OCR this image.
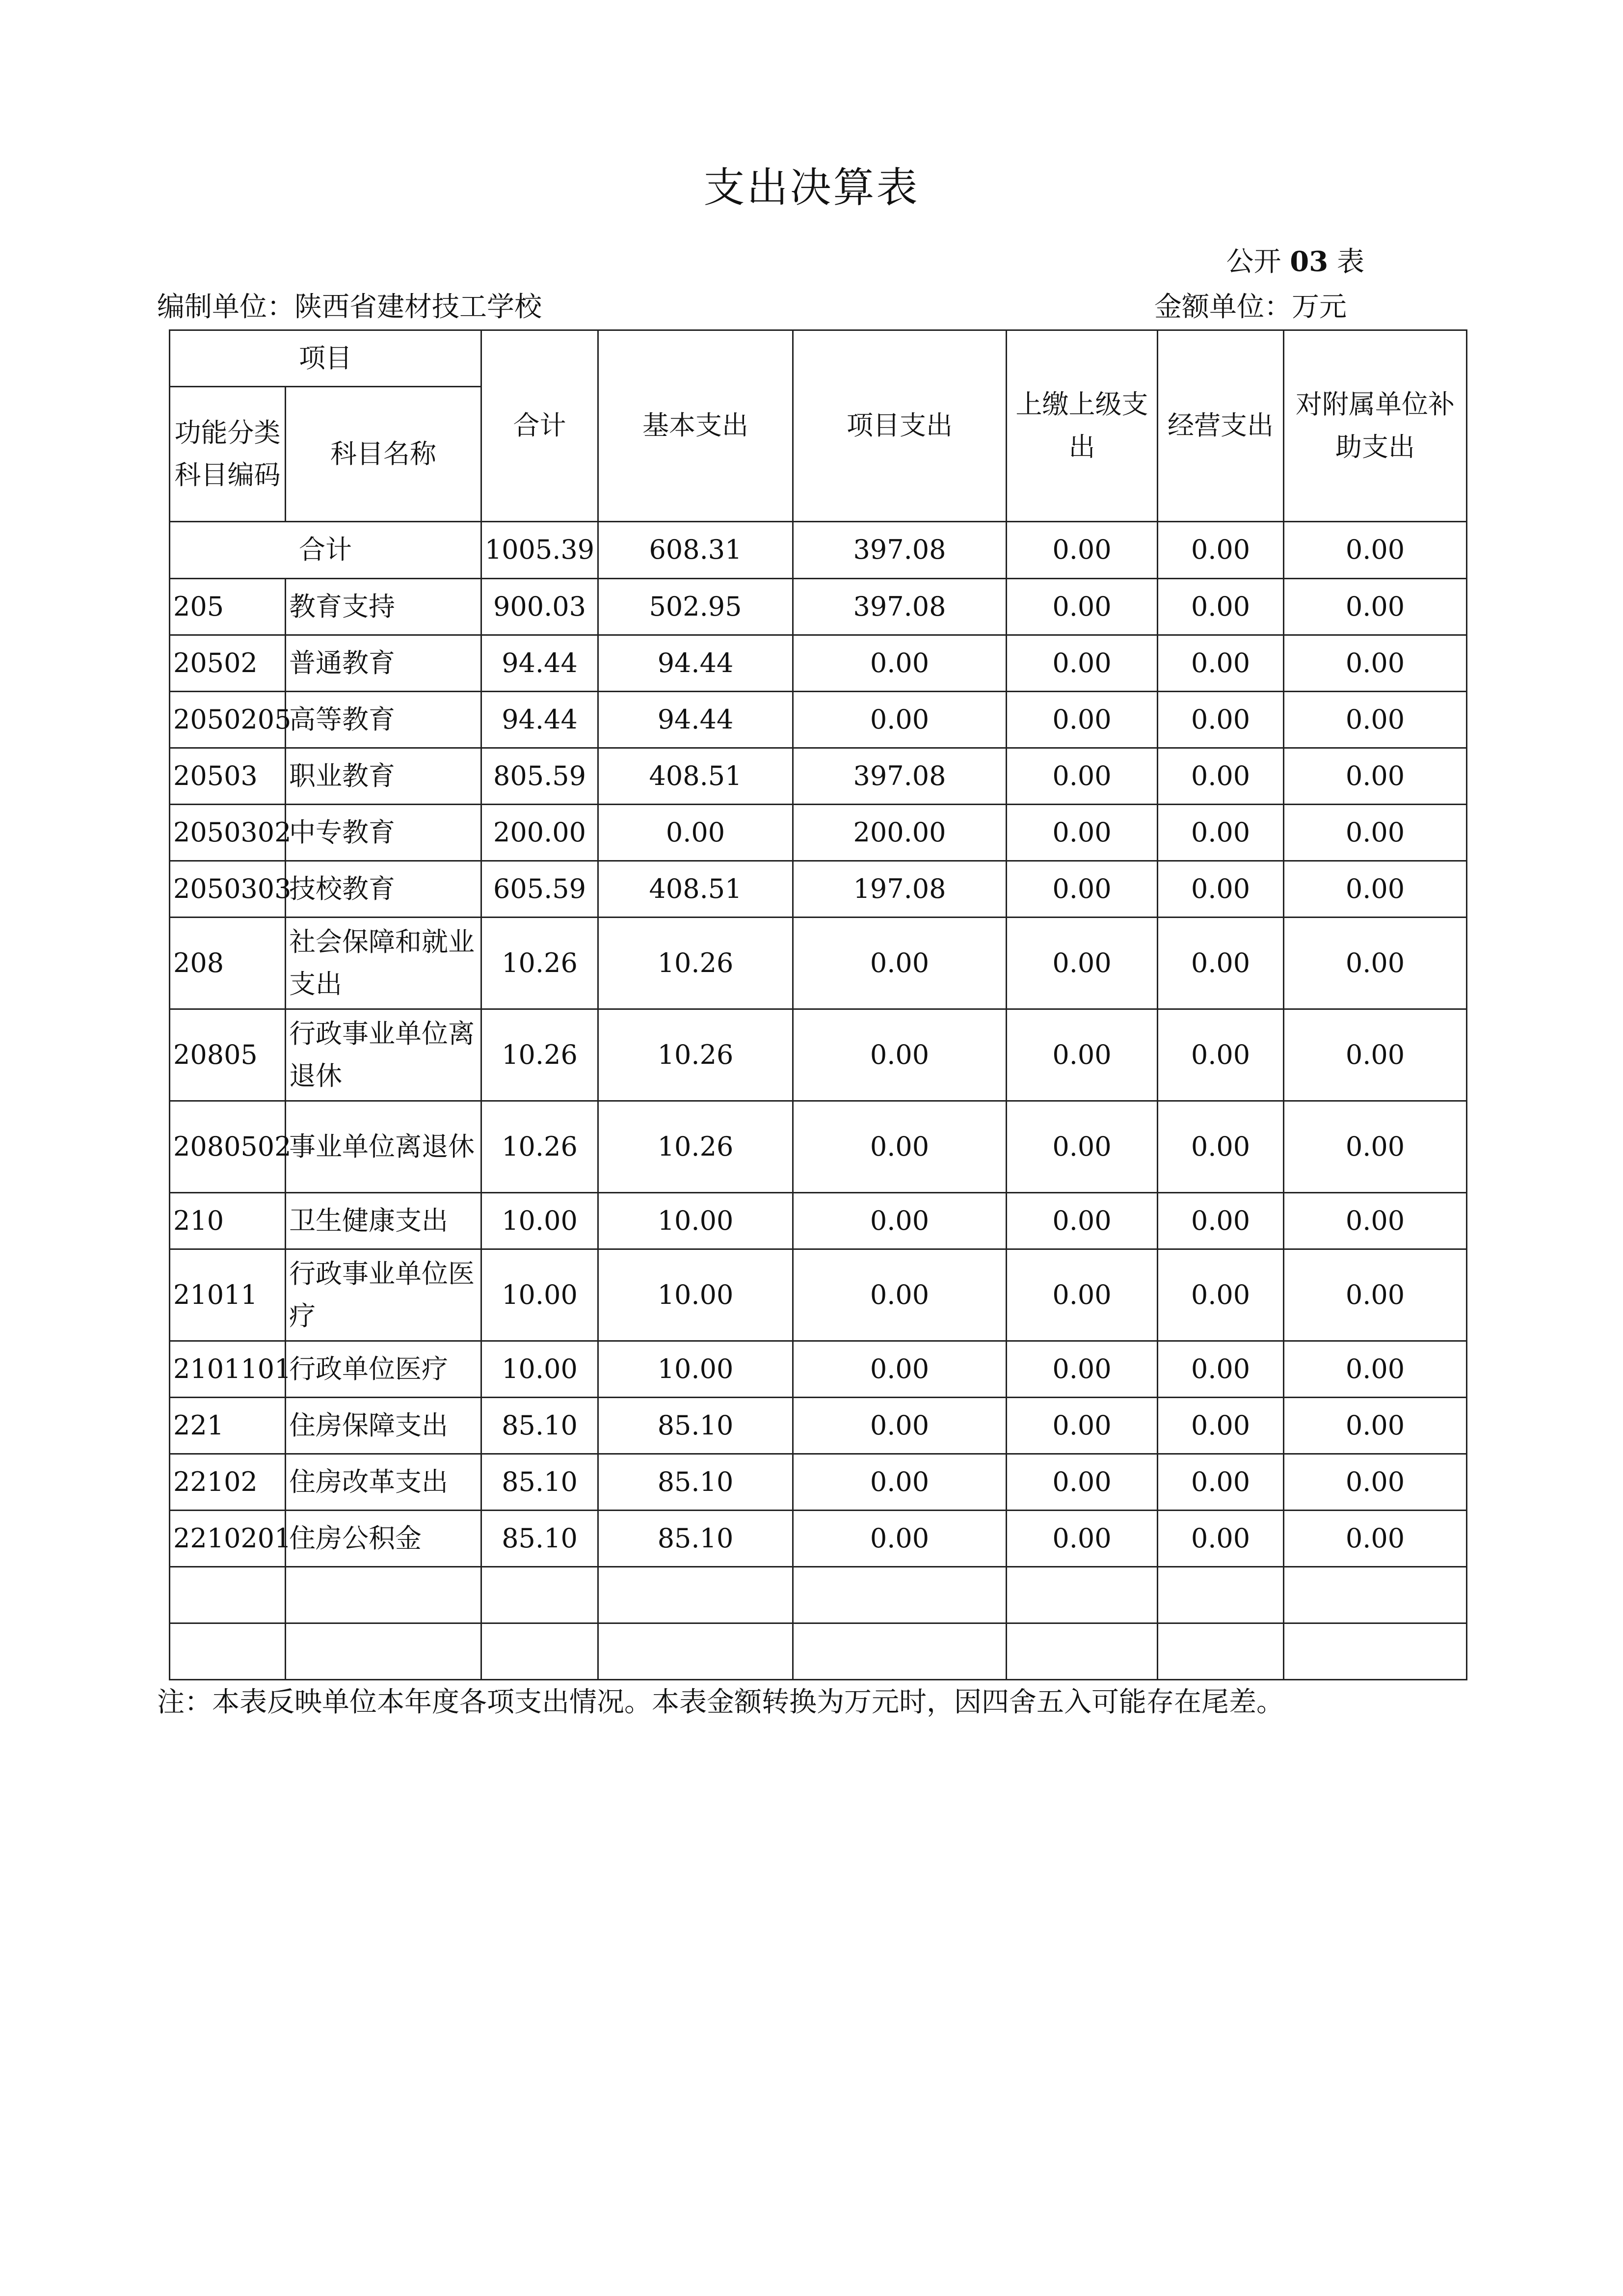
支出决算表
公开 03 表
编制单位：陕西省建材技工学校	金额单位：万元
项目		合计	基本支出	项目支出	上缴上级支出	经营支出	对附属单位补助支出
功能分类科目编码	科目名称						
合计		1005.39	608.31	397.08	0.00	0.00	0.00
205	教育支持	900.03	502.95	397.08	0.00	0.00	0.00
20502	普通教育	94.44	94.44	0.00	0.00	0.00	0.00
2050205	高等教育	94.44	94.44	0.00	0.00	0.00	0.00
20503	职业教育	805.59	408.51	397.08	0.00	0.00	0.00
2050302	中专教育	200.00	0.00	200.00	0.00	0.00	0.00
2050303	技校教育	605.59	408.51	197.08	0.00	0.00	0.00
208	社会保障和就业支出	10.26	10.26	0.00	0.00	0.00	0.00
20805	行政事业单位离退休	10.26	10.26	0.00	0.00	0.00	0.00
2080502	事业单位离退休	10.26	10.26	0.00	0.00	0.00	0.00
210	卫生健康支出	10.00	10.00	0.00	0.00	0.00	0.00
21011	行政事业单位医疗	10.00	10.00	0.00	0.00	0.00	0.00
2101101	行政单位医疗	10.00	10.00	0.00	0.00	0.00	0.00
221	住房保障支出	85.10	85.10	0.00	0.00	0.00	0.00
22102	住房改革支出	85.10	85.10	0.00	0.00	0.00	0.00
2210201	住房公积金	85.10	85.10	0.00	0.00	0.00	0.00

注：本表反映单位本年度各项支出情况。本表金额转换为万元时，因四舍五入可能存在尾差。
